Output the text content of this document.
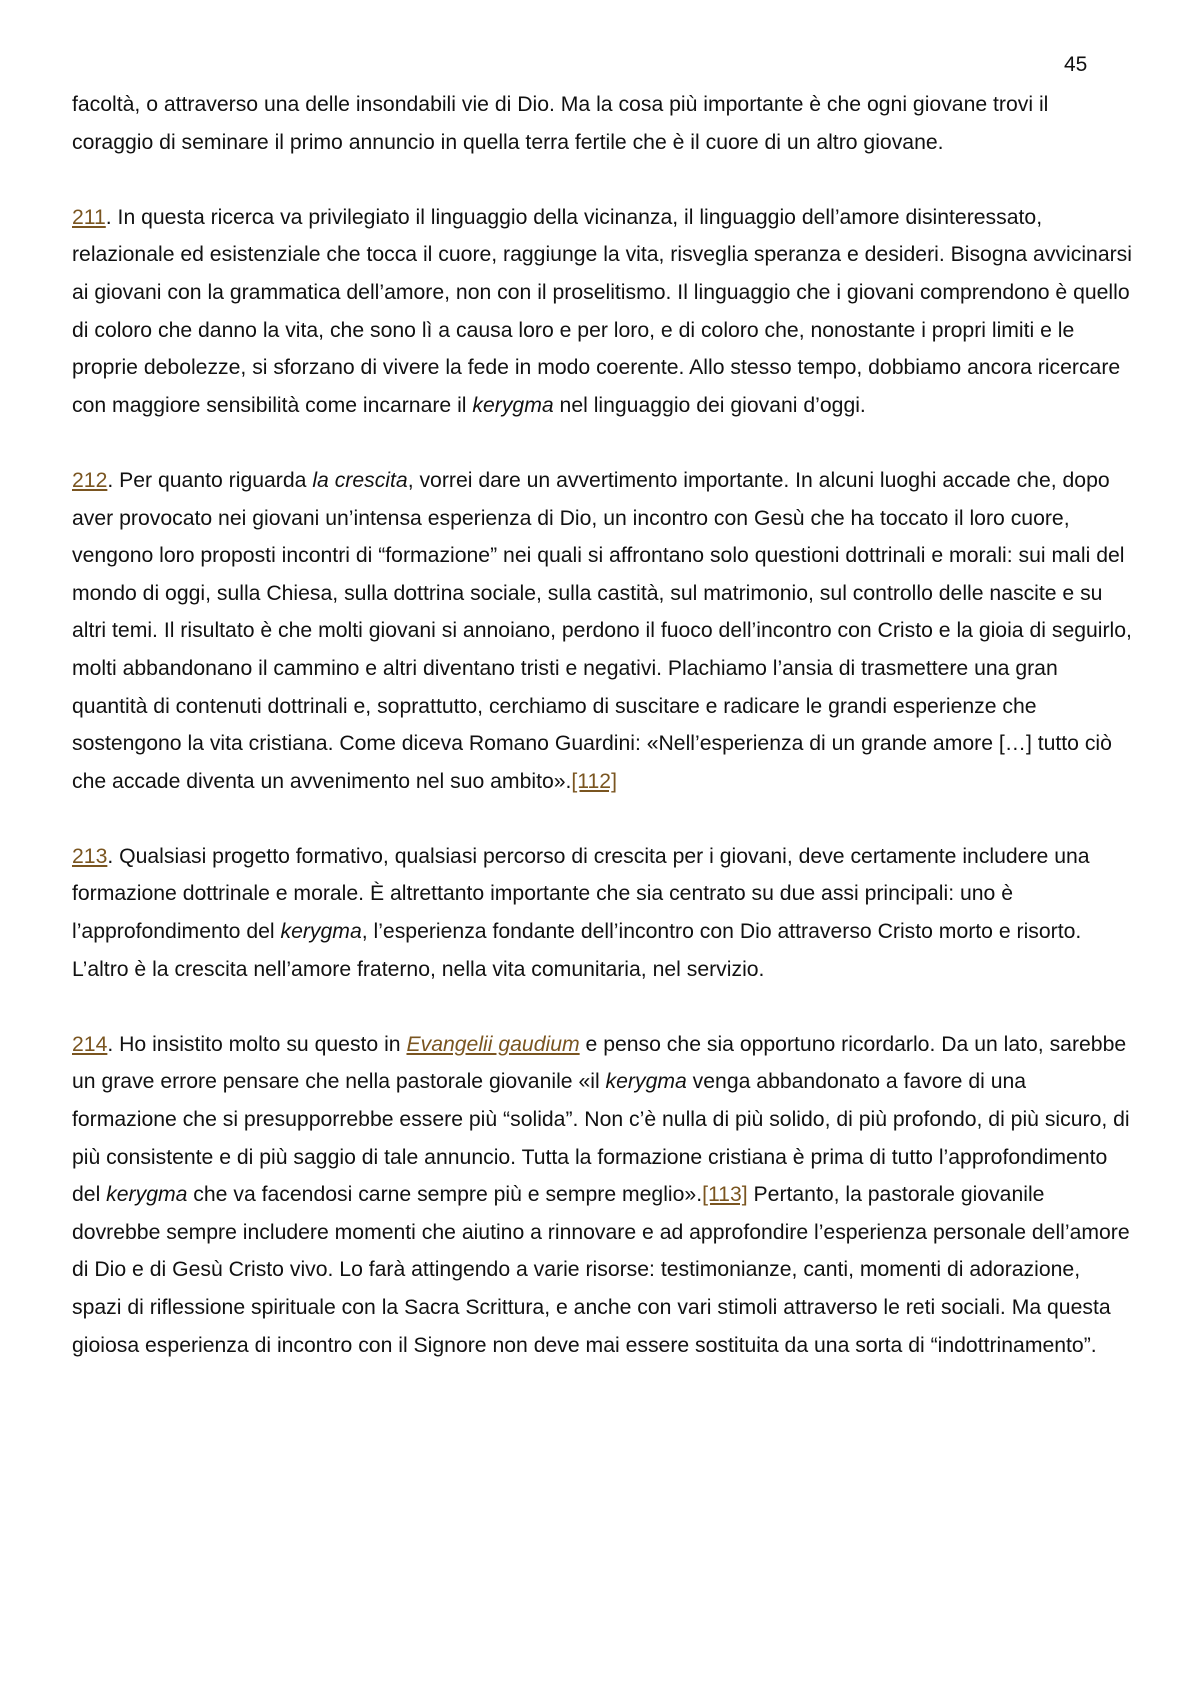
45

facoltà, o attraverso una delle insondabili vie di Dio. Ma la cosa più importante è che ogni giovane trovi il coraggio di seminare il primo annuncio in quella terra fertile che è il cuore di un altro giovane.

211. In questa ricerca va privilegiato il linguaggio della vicinanza, il linguaggio dell’amore disinteressato, relazionale ed esistenziale che tocca il cuore, raggiunge la vita, risveglia speranza e desideri. Bisogna avvicinarsi ai giovani con la grammatica dell’amore, non con il proselitismo. Il linguaggio che i giovani comprendono è quello di coloro che danno la vita, che sono lì a causa loro e per loro, e di coloro che, nonostante i propri limiti e le proprie debolezze, si sforzano di vivere la fede in modo coerente. Allo stesso tempo, dobbiamo ancora ricercare con maggiore sensibilità come incarnare il kerygma nel linguaggio dei giovani d’oggi.

212. Per quanto riguarda la crescita, vorrei dare un avvertimento importante. In alcuni luoghi accade che, dopo aver provocato nei giovani un’intensa esperienza di Dio, un incontro con Gesù che ha toccato il loro cuore, vengono loro proposti incontri di “formazione” nei quali si affrontano solo questioni dottrinali e morali: sui mali del mondo di oggi, sulla Chiesa, sulla dottrina sociale, sulla castità, sul matrimonio, sul controllo delle nascite e su altri temi. Il risultato è che molti giovani si annoiano, perdono il fuoco dell’incontro con Cristo e la gioia di seguirlo, molti abbandonano il cammino e altri diventano tristi e negativi. Plachiamo l’ansia di trasmettere una gran quantità di contenuti dottrinali e, soprattutto, cerchiamo di suscitare e radicare le grandi esperienze che sostengono la vita cristiana. Come diceva Romano Guardini: «Nell’esperienza di un grande amore […] tutto ciò che accade diventa un avvenimento nel suo ambito».[112]

213. Qualsiasi progetto formativo, qualsiasi percorso di crescita per i giovani, deve certamente includere una formazione dottrinale e morale. È altrettanto importante che sia centrato su due assi principali: uno è l’approfondimento del kerygma, l’esperienza fondante dell’incontro con Dio attraverso Cristo morto e risorto. L’altro è la crescita nell’amore fraterno, nella vita comunitaria, nel servizio.

214. Ho insistito molto su questo in Evangelii gaudium e penso che sia opportuno ricordarlo. Da un lato, sarebbe un grave errore pensare che nella pastorale giovanile «il kerygma venga abbandonato a favore di una formazione che si presupporrebbe essere più “solida”. Non c’è nulla di più solido, di più profondo, di più sicuro, di più consistente e di più saggio di tale annuncio. Tutta la formazione cristiana è prima di tutto l’approfondimento del kerygma che va facendosi carne sempre più e sempre meglio».[113] Pertanto, la pastorale giovanile dovrebbe sempre includere momenti che aiutino a rinnovare e ad approfondire l’esperienza personale dell’amore di Dio e di Gesù Cristo vivo. Lo farà attingendo a varie risorse: testimonianze, canti, momenti di adorazione, spazi di riflessione spirituale con la Sacra Scrittura, e anche con vari stimoli attraverso le reti sociali. Ma questa gioiosa esperienza di incontro con il Signore non deve mai essere sostituita da una sorta di “indottrinamento”.
